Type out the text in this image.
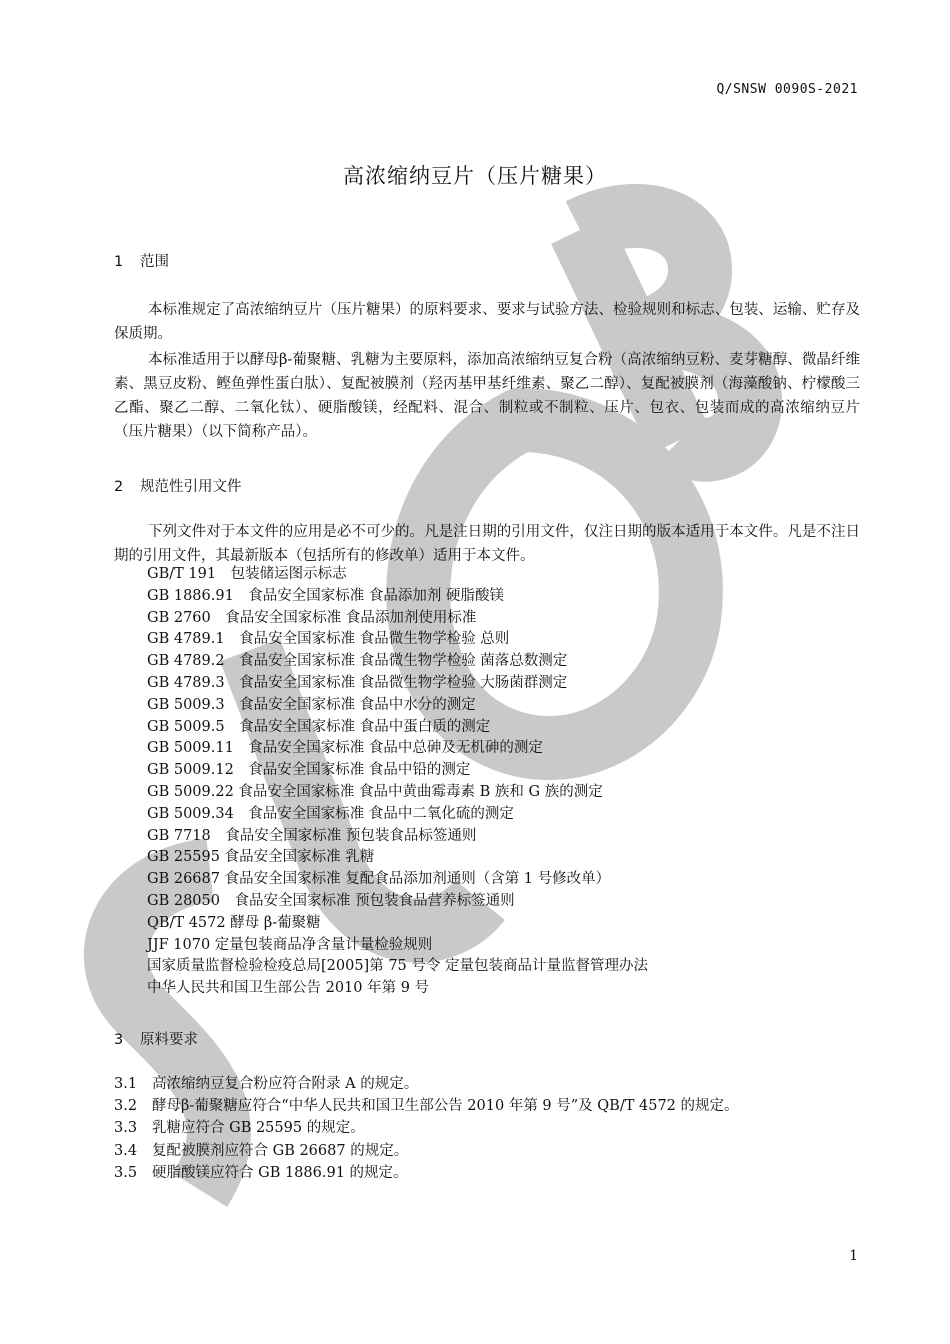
Q/SNSW 0090S-2021
高浓缩纳豆片（压片糖果）
1 范围
本标准规定了高浓缩纳豆片（压片糖果）的原料要求、要求与试验方法、检验规则和标志、包装、运输、贮存及保质期。
本标准适用于以酵母β-葡聚糖、乳糖为主要原料，添加高浓缩纳豆复合粉（高浓缩纳豆粉、麦芽糖醇、微晶纤维素、黑豆皮粉、鲣鱼弹性蛋白肽）、复配被膜剂（羟丙基甲基纤维素、聚乙二醇）、复配被膜剂（海藻酸钠、柠檬酸三乙酯、聚乙二醇、二氧化钛）、硬脂酸镁，经配料、混合、制粒或不制粒、压片、包衣、包装而成的高浓缩纳豆片（压片糖果）（以下简称产品）。
2 规范性引用文件
下列文件对于本文件的应用是必不可少的。凡是注日期的引用文件，仅注日期的版本适用于本文件。凡是不注日期的引用文件，其最新版本（包括所有的修改单）适用于本文件。
GB/T 191　包装储运图示标志
GB 1886.91　食品安全国家标准 食品添加剂 硬脂酸镁
GB 2760　食品安全国家标准 食品添加剂使用标准
GB 4789.1　食品安全国家标准 食品微生物学检验 总则
GB 4789.2　食品安全国家标准 食品微生物学检验 菌落总数测定
GB 4789.3　食品安全国家标准 食品微生物学检验 大肠菌群测定
GB 5009.3　食品安全国家标准 食品中水分的测定
GB 5009.5　食品安全国家标准 食品中蛋白质的测定
GB 5009.11　食品安全国家标准 食品中总砷及无机砷的测定
GB 5009.12　食品安全国家标准 食品中铅的测定
GB 5009.22 食品安全国家标准 食品中黄曲霉毒素 B 族和 G 族的测定
GB 5009.34　食品安全国家标准 食品中二氧化硫的测定
GB 7718　食品安全国家标准 预包装食品标签通则
GB 25595 食品安全国家标准 乳糖
GB 26687 食品安全国家标准 复配食品添加剂通则（含第 1 号修改单）
GB 28050　食品安全国家标准 预包装食品营养标签通则
QB/T 4572 酵母 β-葡聚糖
JJF 1070 定量包装商品净含量计量检验规则
国家质量监督检验检疫总局[2005]第 75 号令 定量包装商品计量监督管理办法
中华人民共和国卫生部公告 2010 年第 9 号
3 原料要求
3.1 高浓缩纳豆复合粉应符合附录 A 的规定。
3.2 酵母β-葡聚糖应符合“中华人民共和国卫生部公告 2010 年第 9 号”及 QB/T 4572 的规定。
3.3 乳糖应符合 GB 25595 的规定。
3.4 复配被膜剂应符合 GB 26687 的规定。
3.5 硬脂酸镁应符合 GB 1886.91 的规定。
1
